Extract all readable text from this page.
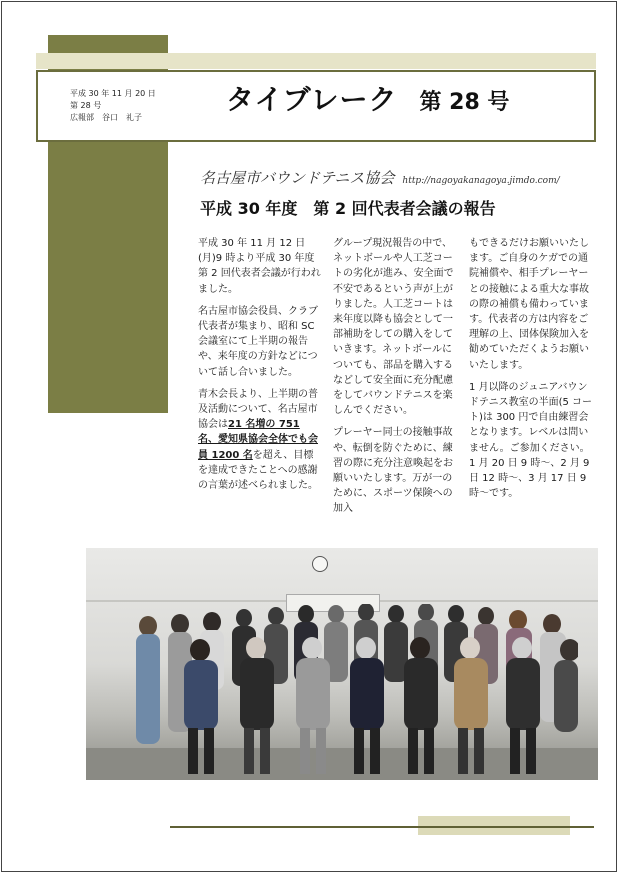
平成 30 年 11 月 20 日
第 28 号
広報部　谷口　礼子
タイブレーク 第 28 号
名古屋市バウンドテニス協会 http://nagoyakanagoya.jimdo.com/
平成 30 年度　第 2 回代表者会議の報告

平成 30 年 11 月 12 日(月)9 時より平成 30 年度第 2 回代表者会議が行われました。

名古屋市協会役員、クラブ代表者が集まり、昭和 SC 会議室にて上半期の報告や、来年度の方針などについて話し合いました。

青木会長より、上半期の普及活動について、名古屋市協会は21 名増の 751 名、愛知県協会全体でも会員 1200 名を超え、目標を達成できたことへの感謝の言葉が述べられました。

グループ現況報告の中で、ネットボールや人工芝コートの劣化が進み、安全面で不安であるという声が上がりました。人工芝コートは来年度以降も協会として一部補助をしての購入をしていきます。ネットボールについても、部品を購入するなどして安全面に充分配慮をしてバウンドテニスを楽しんでください。

プレーヤー同士の接触事故や、転倒を防ぐために、練習の際に充分注意喚起をお願いいたします。万が一のために、スポーツ保険への加入

もできるだけお願いいたします。ご自身のケガでの通院補償や、相手プレーヤーとの接触による重大な事故の際の補償も備わっています。代表者の方は内容をご理解の上、団体保険加入を勧めていただくようお願いいたします。

1 月以降のジュニアバウンドテニス教室の半面(5 コート)は 300 円で自由練習会となります。レベルは問いません。ご参加ください。1 月 20 日 9 時～、2 月 9 日 12 時～、3 月 17 日 9 時～です。
